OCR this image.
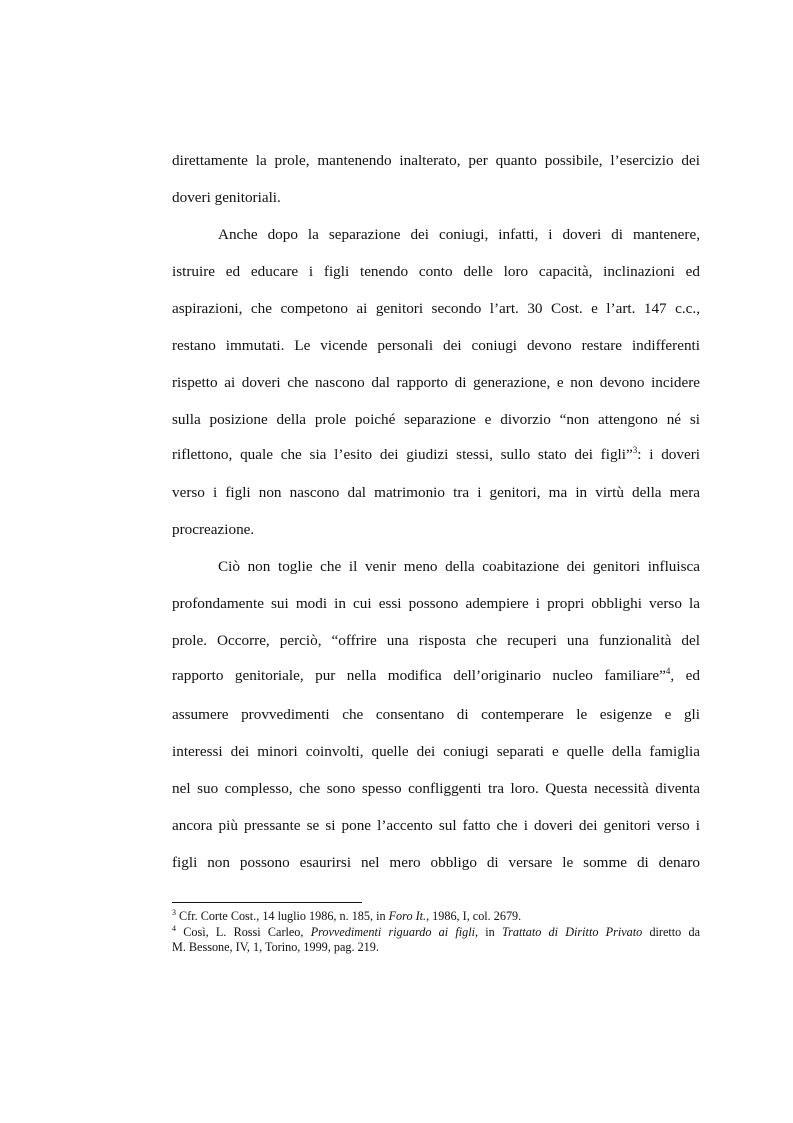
direttamente la prole, mantenendo inalterato, per quanto possibile, l’esercizio dei
doveri genitoriali.
Anche dopo la separazione dei coniugi, infatti, i doveri di mantenere,
istruire ed educare i figli tenendo conto delle loro capacità, inclinazioni ed
aspirazioni, che competono ai genitori secondo l’art. 30 Cost. e l’art. 147 c.c.,
restano immutati. Le vicende personali dei coniugi devono restare indifferenti
rispetto ai doveri che nascono dal rapporto di generazione, e non devono incidere
sulla posizione della prole poiché separazione e divorzio “non attengono né si
riflettono, quale che sia l’esito dei giudizi stessi, sullo stato dei figli”$^3$: i doveri
verso i figli non nascono dal matrimonio tra i genitori, ma in virtù della mera
procreazione.
Ciò non toglie che il venir meno della coabitazione dei genitori influisca
profondamente sui modi in cui essi possono adempiere i propri obblighi verso la
prole. Occorre, perciò, “offrire una risposta che recuperi una funzionalità del
rapporto genitoriale, pur nella modifica dell’originario nucleo familiare”$^4$, ed
assumere provvedimenti che consentano di contemperare le esigenze e gli
interessi dei minori coinvolti, quelle dei coniugi separati e quelle della famiglia
nel suo complesso, che sono spesso confliggenti tra loro. Questa necessità diventa
ancora più pressante se si pone l’accento sul fatto che i doveri dei genitori verso i
figli non possono esaurirsi nel mero obbligo di versare le somme di denaro
$^3$ Cfr. Corte Cost., 14 luglio 1986, n. 185, in Foro It., 1986, I, col. 2679.
$^4$ Così, L. Rossi Carleo, Provvedimenti riguardo ai figli, in Trattato di Diritto Privato diretto da
M. Bessone, IV, 1, Torino, 1999, pag. 219.
